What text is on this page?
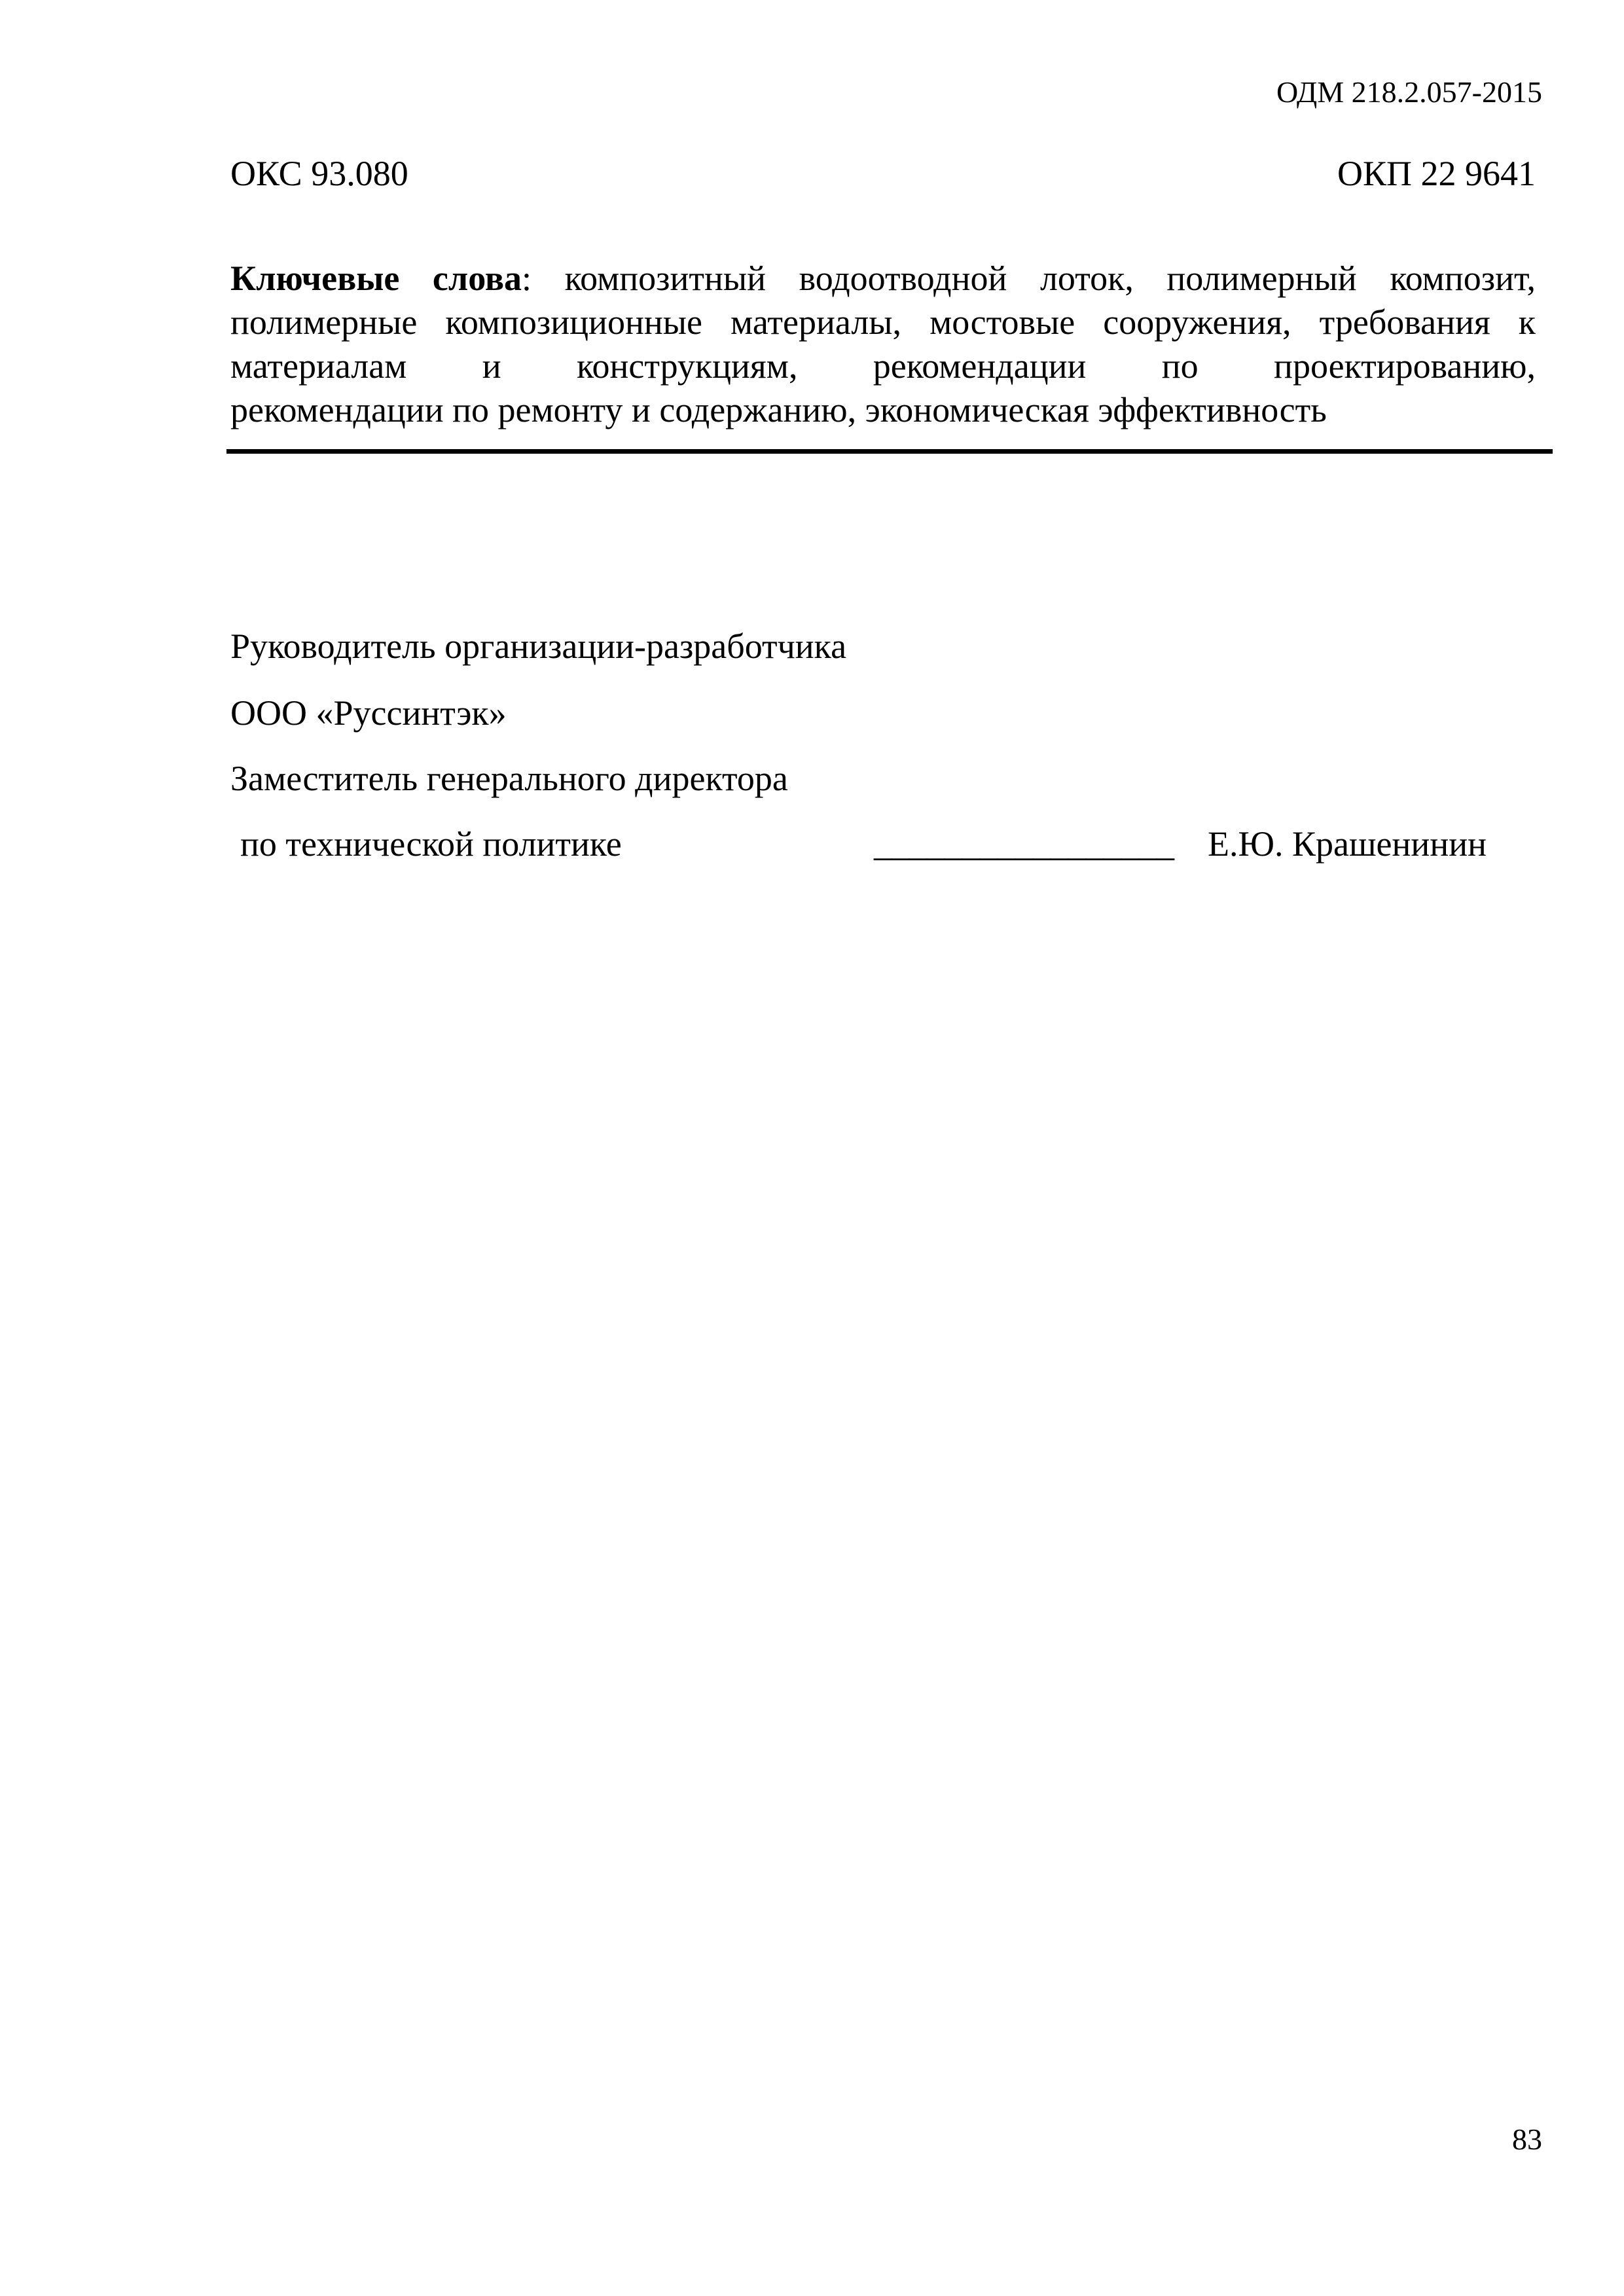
ОДМ 218.2.057-2015
ОКС 93.080	ОКП 22 9641
Ключевые слова: композитный водоотводной лоток, полимерный композит,
полимерные композиционные материалы, мостовые сооружения, требования к
материалам и конструкциям, рекомендации по проектированию,
рекомендации по ремонту и содержанию, экономическая эффективность
Руководитель организации-разработчика
ООО «Руссинтэк»
Заместитель генерального директора
по технической политике	_________________ Е.Ю. Крашенинин
83
